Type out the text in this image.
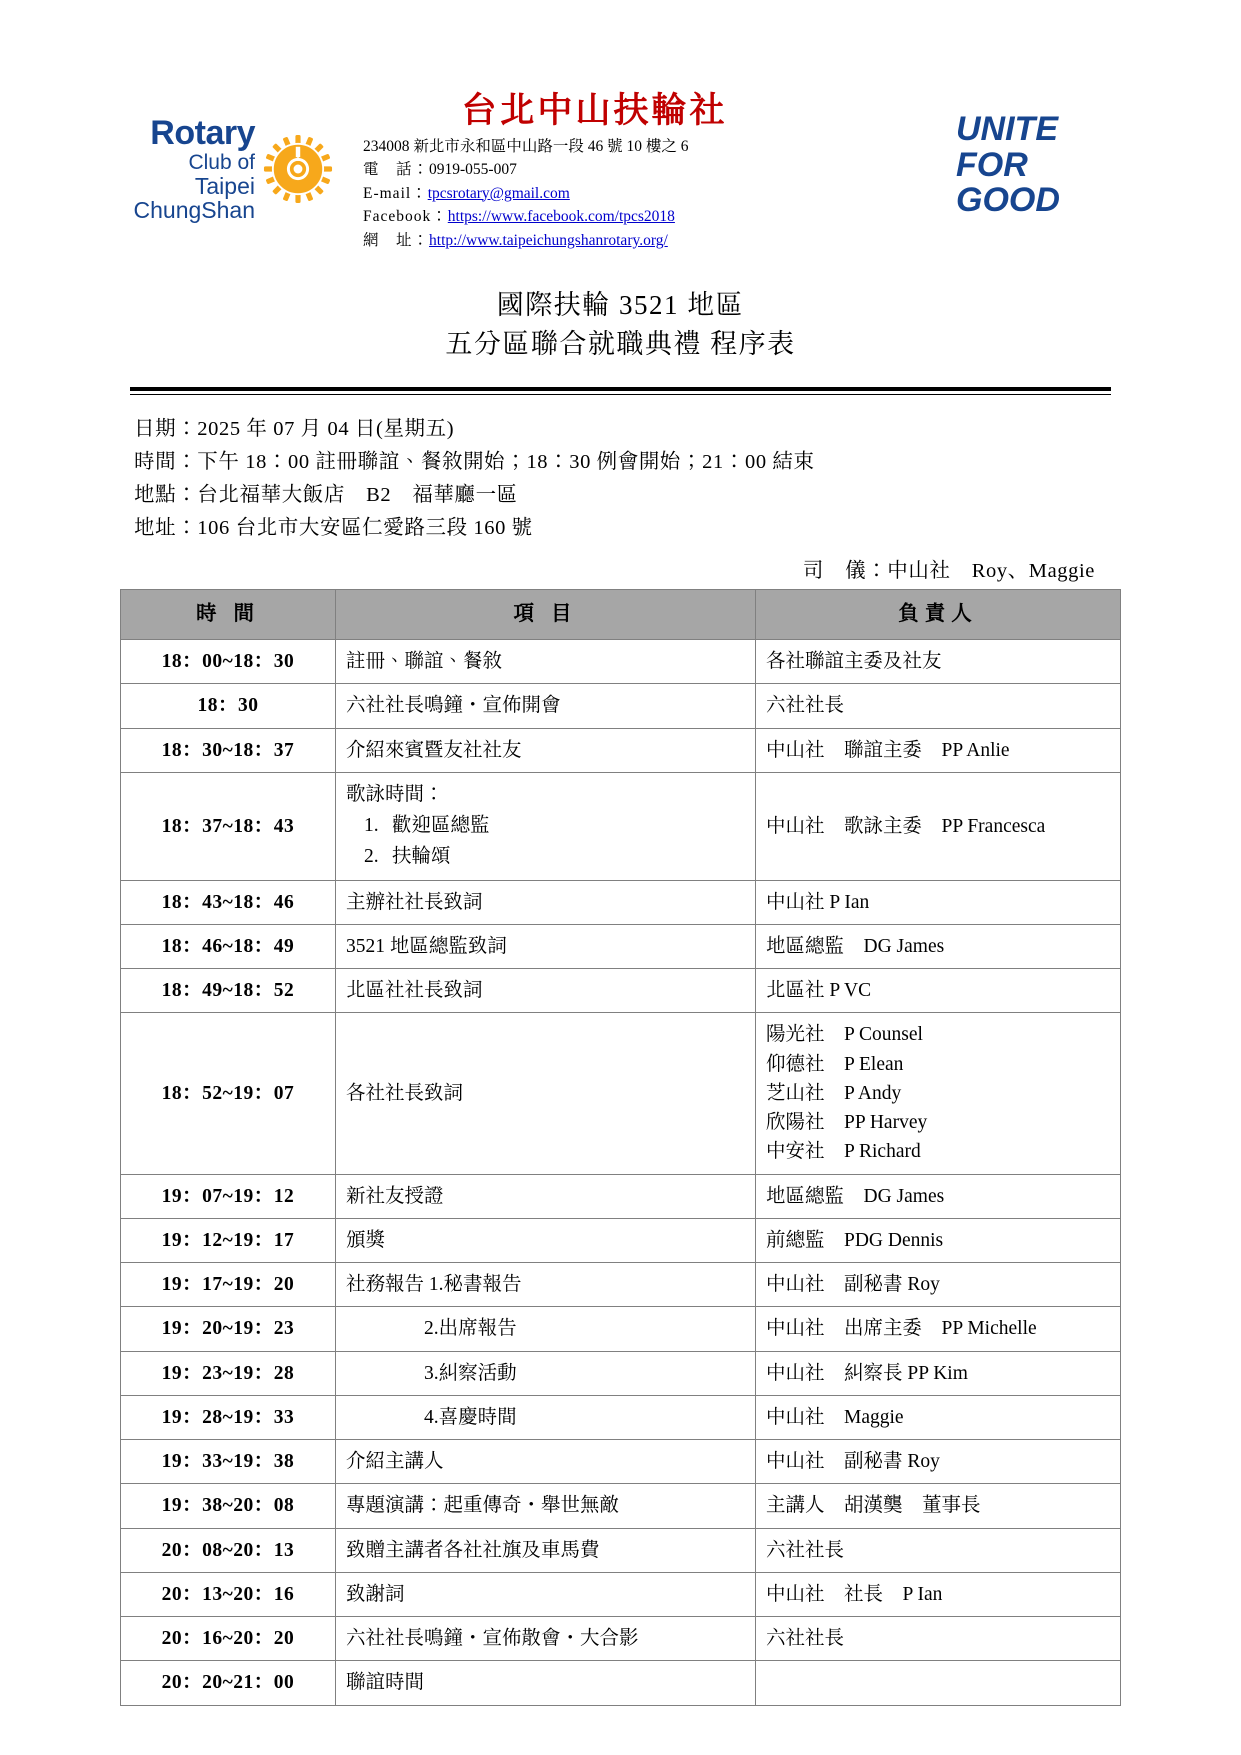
Rotary
Club of
Taipei ChungShan
台北中山扶輪社
234008 新北市永和區中山路一段 46 號 10 樓之 6
電　話：0919-055-007
E-mail：tpcsrotary@gmail.com
Facebook：https://www.facebook.com/tpcs2018
網　址：http://www.taipeichungshanrotary.org/
UNITE
FOR
GOOD
國際扶輪 3521 地區
五分區聯合就職典禮 程序表
日期：2025 年 07 月 04 日(星期五)
時間：下午 18：00 註冊聯誼、餐敘開始；18：30 例會開始；21：00 結束
地點：台北福華大飯店　B2　福華廳一區
地址：106 台北市大安區仁愛路三段 160 號
司　儀：中山社　Roy、Maggie
時 間	項 目	負責人
18：00~18：30	註冊、聯誼、餐敘	各社聯誼主委及社友
18：30	六社社長鳴鐘・宣佈開會	六社社長
18：30~18：37	介紹來賓暨友社社友	中山社　聯誼主委　PP Anlie
18：37~18：43	
歌詠時間：
1. 歡迎區總監
2. 扶輪頌
	中山社　歌詠主委　PP Francesca
18：43~18：46	主辦社社長致詞	中山社 P Ian
18：46~18：49	3521 地區總監致詞	地區總監　DG James
18：49~18：52	北區社社長致詞	北區社 P VC
18：52~19：07	各社社長致詞	陽光社　P Counsel
仰德社　P Elean
芝山社　P Andy
欣陽社　PP Harvey
中安社　P Richard

19：07~19：12	新社友授證	地區總監　DG James
19：12~19：17	頒獎	前總監　PDG Dennis
19：17~19：20	社務報告 1.秘書報告	中山社　副秘書 Roy
19：20~19：23	2.出席報告	中山社　出席主委　PP Michelle
19：23~19：28	3.糾察活動	中山社　糾察長 PP Kim
19：28~19：33	4.喜慶時間	中山社　Maggie
19：33~19：38	介紹主講人	中山社　副秘書 Roy
19：38~20：08	專題演講：起重傳奇・舉世無敵	主講人　胡漢龑　董事長
20：08~20：13	致贈主講者各社社旗及車馬費	六社社長
20：13~20：16	致謝詞	中山社　社長　P Ian
20：16~20：20	六社社長鳴鐘・宣佈散會・大合影	六社社長
20：20~21：00	聯誼時間	
